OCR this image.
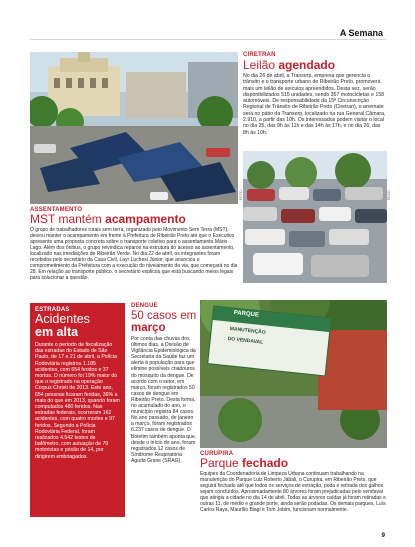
A Semana
FOTO:
CIRETRAN
Leilão agendado
No dia 26 de abril, a Transerp, empresa que gerencia o trânsito e o transporte urbano de Ribeirão Preto, promoverá mais um leilão de veículos apreendidos. Desta vez, serão disponibilizados 515 unidades, sendo 357 motocicletas e 158 automóveis. De responsabilidade da 15ª Circunscrição Regional de Trânsito de Ribeirão Preto (Ciretran), o arremate será no pátio da Transerp, localizado na rua General Câmara, 2.910, a partir das 10h. Os interessados podem visitar o local no dia 25, das 9h às 11h e das 14h às 17h, e no dia 26, das 8h às 10h.
FOTO:
ASSENTAMENTO
MST mantém acampamento
O grupo de trabalhadores rurais sem terra, organizado pelo Movimento Sem Terra (MST), deixou manter o acampamento em frente à Prefeitura de Ribeirão Preto até que o Executivo apresente uma proposta concreta sobre o transporte coletivo para o assentamento Mário Lago. Além dos ônibus, o grupo reivindica reparos na estrutura do acesso ao assentamento, localizado nas imediações de Ribeirão Verde. No dia 22 de abril, os integrantes foram recebidos pelo secretário da Casa Civil, Layr Luchesi Júnior, que anunciou o comprometimento da Prefeitura com a execução do nivelamento da via, que começará no dia 28. Em relação ao transporte público, o secretário explicou que está buscando meios legais para solucionar a questão.
ESTRADAS
Acidentes
em alta
Durante o período de fiscalização das estradas do Estado de São Paulo, de 17 e 21 de abril, a Polícia Rodoviária registrou 1.185 acidentes, com 654 feridos e 37 mortos. O número foi 19% maior do que o registrado na operação Corpus Christi de 2013. Este ano, 654 pessoas ficaram feridas, 36% a mais do que em 2013, quando foram computados 480 feridos. Nas estradas federais, ocorreram 162 acidentes, com quatro mortes e 97 feridos. Segundo a Polícia Rodoviária Federal, foram realizados 4.542 testes de bafômetro, com autuação de 70 motoristas e prisão de 14, por dirigirem embriagados.
DENGUE
50 casos em
março
Por conta das chuvas dos últimos dias, a Divisão de Vigilância Epidemiológica da Secretaria da Saúde faz um alerta à população para que elimine possíveis criadouros do mosquito da dengue. De acordo com o setor, em março, foram registrados 50 casos de dengue em Ribeirão Preto. Desta forma, no acumulado do ano, o município registra 84 casos. No ano passado, de janeiro a março, foram registrados 6.237 casos de dengue. O Boletim também aponta que, desde o início do ano, foram registrados 12 casos de Síndrome Respiratória Aguda Grave (SRAG).
PARQUE
MANUTENÇÃO
DO VENDAVAL
CURUPIRA
Parque fechado
Equipes da Coordenadoria de Limpeza Urbana continuam trabalhando na manutenção do Parque Luiz Roberto Jábali, o Curupira, em Ribeirão Preto, que seguirá fechado até que todos os serviços de extração, poda e retirada dos galhos sejam concluídos. Aproximadamente 80 árvores foram prejudicadas pelo vendaval que atingiu a cidade no dia 14 de abril. Todas as árvores caídas já foram retiradas e outras 11, de médio e grande porte, ainda serão podadas. Os demais parques, Luís Carlos Raya, Maurílio Biagi e Tom Jobim, funcionam normalmente.
9
